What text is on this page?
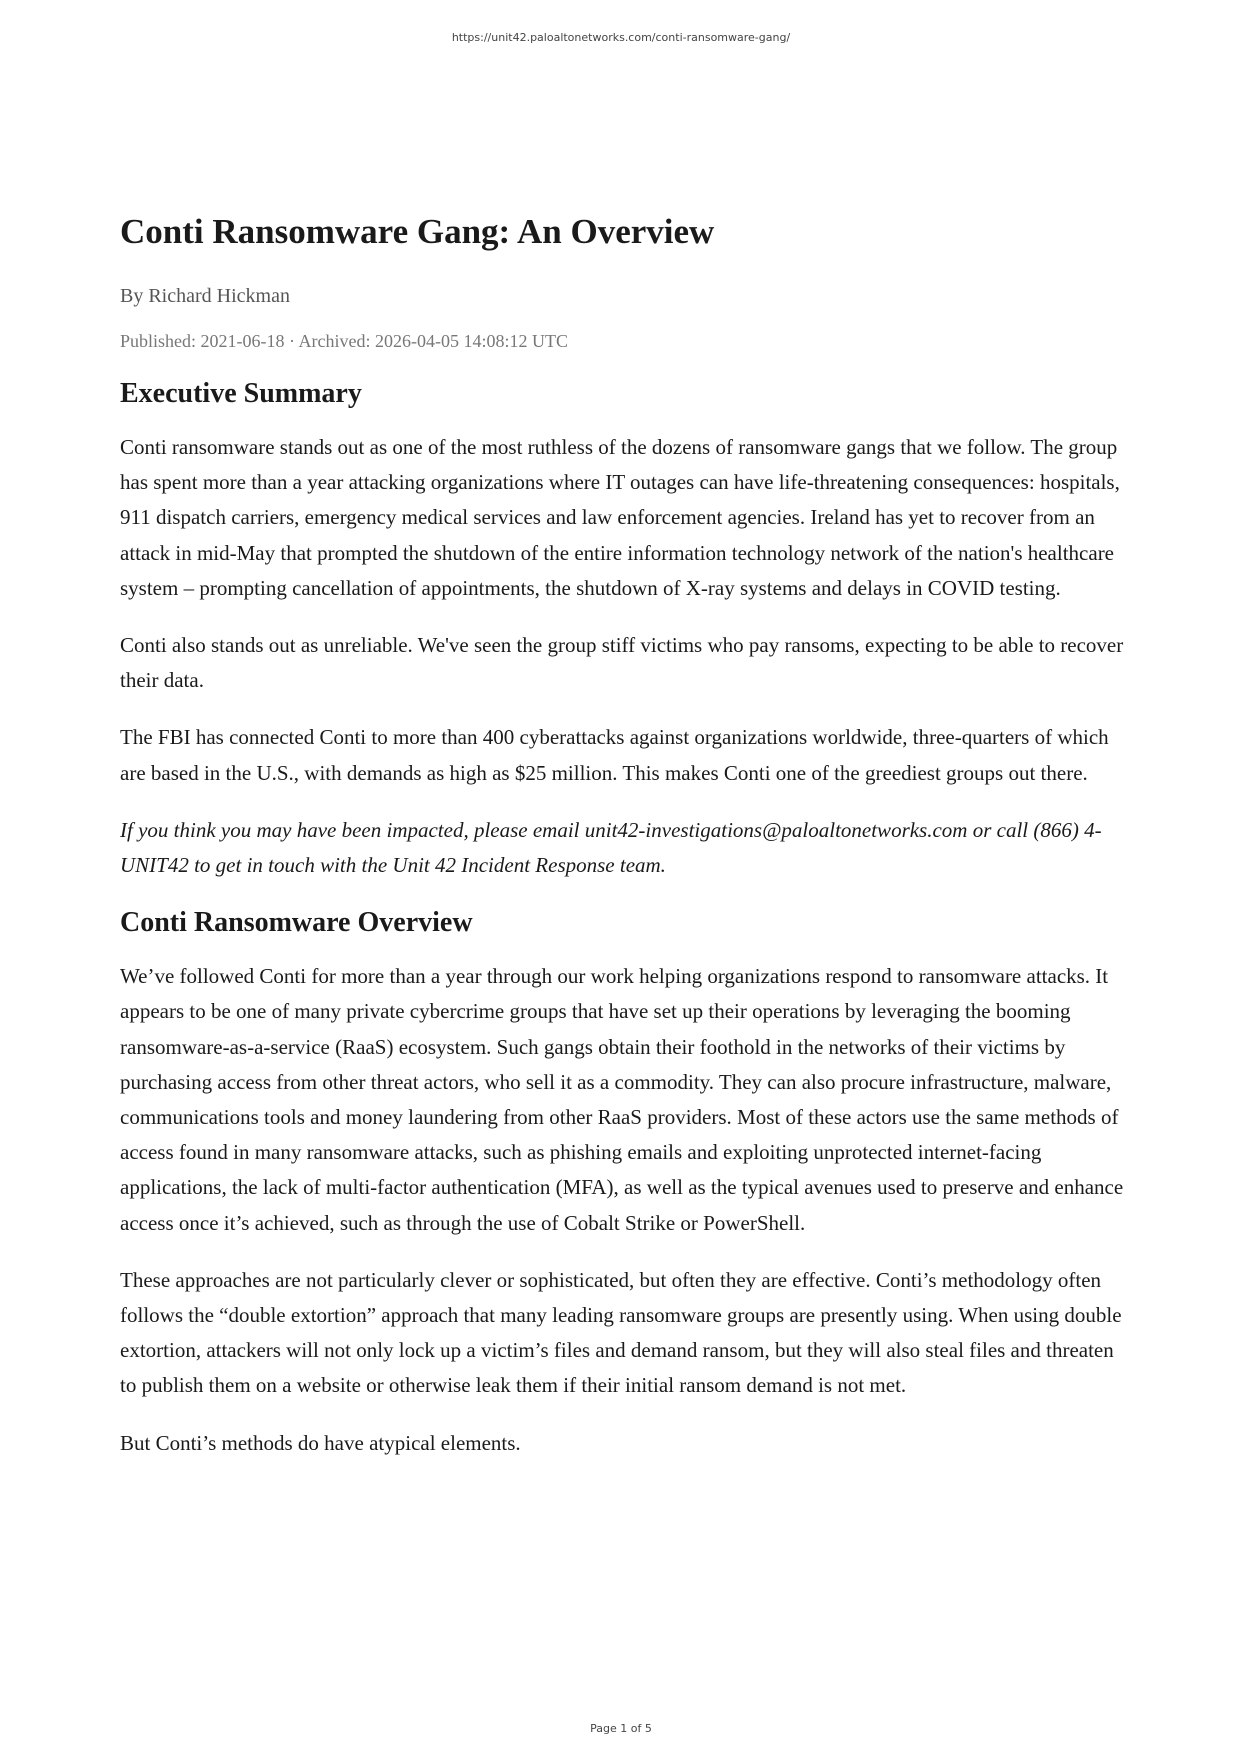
https://unit42.paloaltonetworks.com/conti-ransomware-gang/
Conti Ransomware Gang: An Overview
By Richard Hickman
Published: 2021-06-18 · Archived: 2026-04-05 14:08:12 UTC
Executive Summary

Conti ransomware stands out as one of the most ruthless of the dozens of ransomware gangs that we follow. The group has spent more than a year attacking organizations where IT outages can have life-threatening consequences: hospitals, 911 dispatch carriers, emergency medical services and law enforcement agencies. Ireland has yet to recover from an attack in mid-May that prompted the shutdown of the entire information technology network of the nation's healthcare system – prompting cancellation of appointments, the shutdown of X-ray systems and delays in COVID testing.

Conti also stands out as unreliable. We've seen the group stiff victims who pay ransoms, expecting to be able to recover their data.

The FBI has connected Conti to more than 400 cyberattacks against organizations worldwide, three-quarters of which are based in the U.S., with demands as high as $25 million. This makes Conti one of the greediest groups out there.

If you think you may have been impacted, please email unit42-investigations@paloaltonetworks.com or call (866) 4-UNIT42 to get in touch with the Unit 42 Incident Response team.

Conti Ransomware Overview

We’ve followed Conti for more than a year through our work helping organizations respond to ransomware attacks. It appears to be one of many private cybercrime groups that have set up their operations by leveraging the booming ransomware-as-a-service (RaaS) ecosystem. Such gangs obtain their foothold in the networks of their victims by purchasing access from other threat actors, who sell it as a commodity. They can also procure infrastructure, malware, communications tools and money laundering from other RaaS providers. Most of these actors use the same methods of access found in many ransomware attacks, such as phishing emails and exploiting unprotected internet-facing applications, the lack of multi-factor authentication (MFA), as well as the typical avenues used to preserve and enhance access once it’s achieved, such as through the use of Cobalt Strike or PowerShell.

These approaches are not particularly clever or sophisticated, but often they are effective. Conti’s methodology often follows the “double extortion” approach that many leading ransomware groups are presently using. When using double extortion, attackers will not only lock up a victim’s files and demand ransom, but they will also steal files and threaten to publish them on a website or otherwise leak them if their initial ransom demand is not met.

But Conti’s methods do have atypical elements.

Page 1 of 5
